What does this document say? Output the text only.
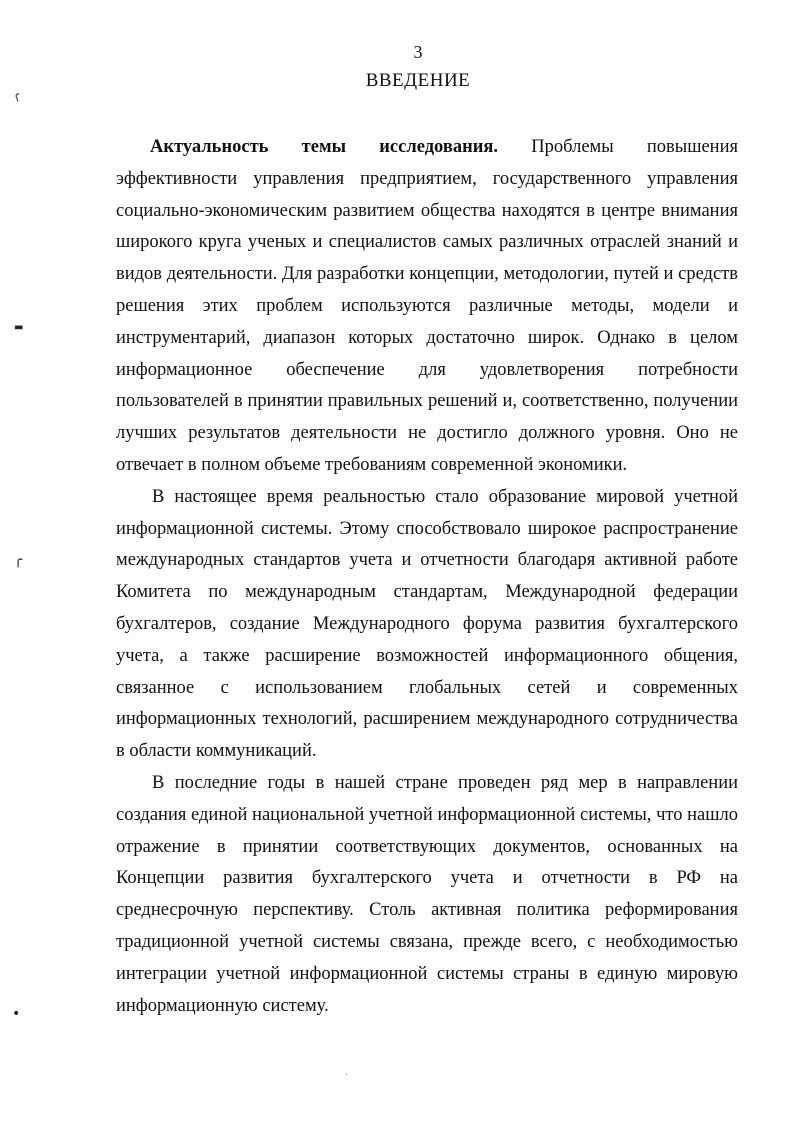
╭
▬
╭
•
·
3
ВВЕДЕНИЕ

Актуальность темы исследования. Проблемы повышения эффективности управления предприятием, государственного управления социально-экономическим развитием общества находятся в центре внимания широкого круга ученых и специалистов самых различных отраслей знаний и видов деятельности. Для разработки концепции, методологии, путей и средств решения этих проблем используются различные методы, модели и инструментарий, диапазон которых достаточно широк. Однако в целом информационное обеспечение для удовлетворения потребности пользователей в принятии правильных решений и, соответственно, получении лучших результатов деятельности не достигло должного уровня. Оно не отвечает в полном объеме требованиям современной экономики.

В настоящее время реальностью стало образование мировой учетной информационной системы. Этому способствовало широкое распространение международных стандартов учета и отчетности благодаря активной работе Комитета по международным стандартам, Международной федерации бухгалтеров, создание Международного форума развития бухгалтерского учета, а также расширение возможностей информационного общения, связанное с использованием глобальных сетей и современных информационных технологий, расширением международного сотрудничества в области коммуникаций.

В последние годы в нашей стране проведен ряд мер в направлении создания единой национальной учетной информационной системы, что нашло отражение в принятии соответствующих документов, основанных на Концепции развития бухгалтерского учета и отчетности в РФ на среднесрочную перспективу. Столь активная политика реформирования традиционной учетной системы связана, прежде всего, с необходимостью интеграции учетной информационной системы страны в единую мировую информационную систему.
